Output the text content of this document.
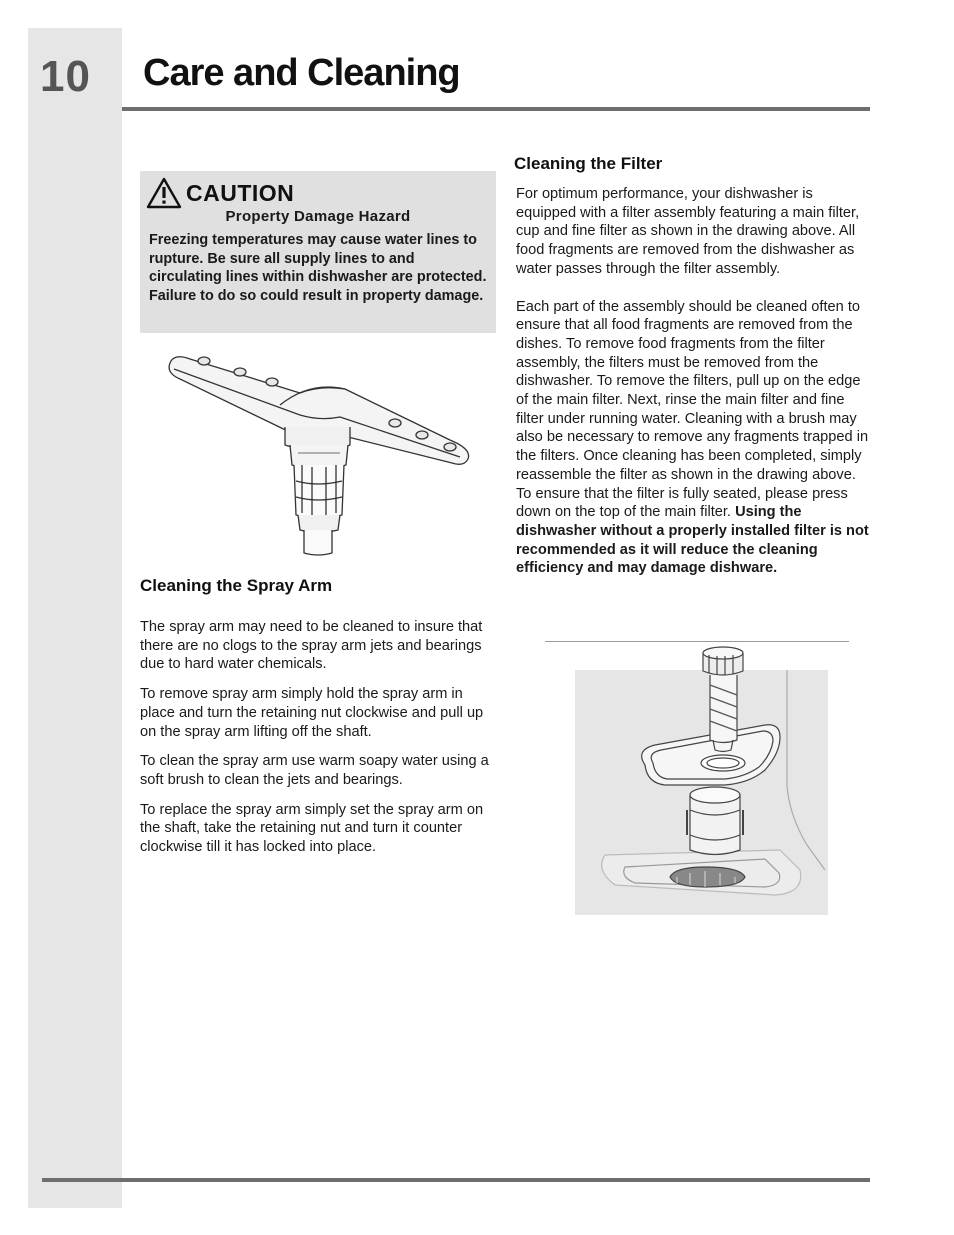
10 Care and Cleaning
CAUTION
Property Damage Hazard
Freezing temperatures may cause water lines to rupture. Be sure all supply lines to and circulating lines within dishwasher are protected. Failure to do so could result in property damage.
Cleaning the Spray Arm

The spray arm may need to be cleaned to insure that there are no clogs to the spray arm jets and bearings due to hard water chemicals.

To remove spray arm simply hold the spray arm in place and turn the retaining nut clockwise and pull up on the spray arm lifting off the shaft.

To clean the spray arm use warm soapy water using a soft brush to clean the jets and bearings.

To replace the spray arm simply set the spray arm on the shaft, take the retaining nut and turn it counter clockwise till it has locked into place.

Cleaning the Filter

For optimum performance, your dishwasher is equipped with a filter assembly featuring a main filter, cup and fine filter as shown in the drawing above. All food fragments are removed from the dishwasher as water passes through the filter assembly.

Each part of the assembly should be cleaned often to ensure that all food fragments are removed from the dishes. To remove food fragments from the filter assembly, the filters must be removed from the dishwasher. To remove the filters, pull up on the edge of the main filter. Next, rinse the main filter and fine filter under running water. Cleaning with a brush may also be necessary to remove any fragments trapped in the filters. Once cleaning has been completed, simply reassemble the filter as shown in the drawing above. To ensure that the filter is fully seated, please press down on the top of the main filter. Using the dishwasher without a properly installed filter is not recommended as it will reduce the cleaning efficiency and may damage dishware.
